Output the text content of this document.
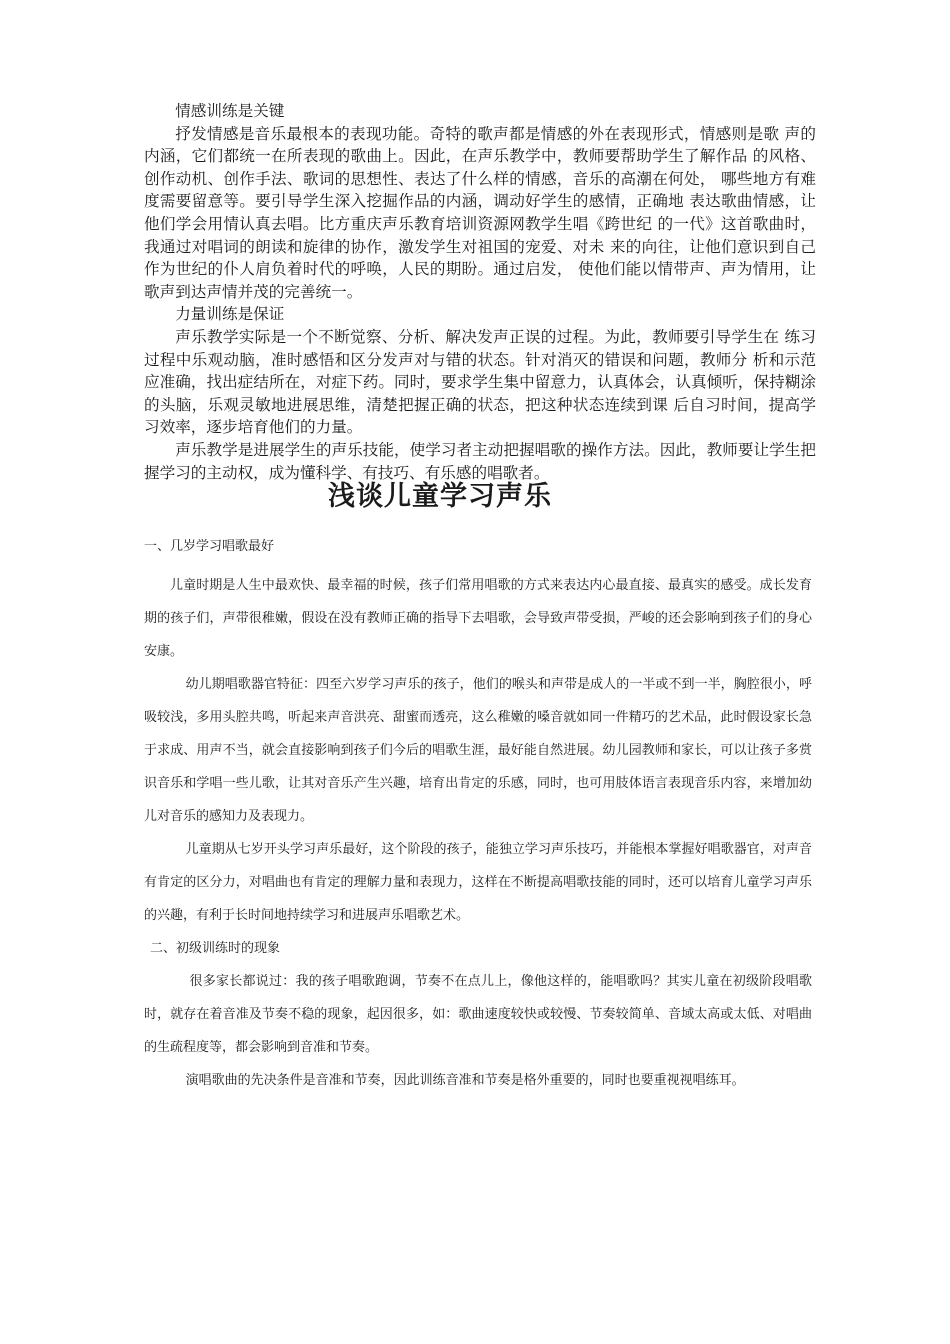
情感训练是关键

抒发情感是音乐最根本的表现功能。奇特的歌声都是情感的外在表现形式，情感则是歌 声的内涵，它们都统一在所表现的歌曲上。因此，在声乐教学中，教师要帮助学生了解作品 的风格、创作动机、创作手法、歌词的思想性、表达了什么样的情感，音乐的高潮在何处， 哪些地方有难度需要留意等。要引导学生深入挖掘作品的内涵，调动好学生的感情，正确地 表达歌曲情感，让他们学会用情认真去唱。比方重庆声乐教育培训资源网教学生唱《跨世纪 的一代》这首歌曲时，我通过对唱词的朗读和旋律的协作，激发学生对祖国的宠爱、对未 来的向往，让他们意识到自己作为世纪的仆人肩负着时代的呼唤，人民的期盼。通过启发， 使他们能以情带声、声为情用，让歌声到达声情并茂的完善统一。

力量训练是保证

声乐教学实际是一个不断觉察、分析、解决发声正误的过程。为此，教师要引导学生在 练习过程中乐观动脑，准时感悟和区分发声对与错的状态。针对消灭的错误和问题，教师分 析和示范应准确，找出症结所在，对症下药。同时，要求学生集中留意力，认真体会，认真倾听，保持糊涂的头脑，乐观灵敏地进展思维，清楚把握正确的状态，把这种状态连续到课 后自习时间，提高学习效率，逐步培育他们的力量。

声乐教学是进展学生的声乐技能，使学习者主动把握唱歌的操作方法。因此，教师要让学生把握学习的主动权，成为懂科学、有技巧、有乐感的唱歌者。

浅谈儿童学习声乐

一、几岁学习唱歌最好

儿童时期是人生中最欢快、最幸福的时候，孩子们常用唱歌的方式来表达内心最直接、最真实的感受。成长发育期的孩子们，声带很稚嫩，假设在没有教师正确的指导下去唱歌，会导致声带受损，严峻的还会影响到孩子们的身心安康。

幼儿期唱歌器官特征：四至六岁学习声乐的孩子，他们的喉头和声带是成人的一半或不到一半，胸腔很小，呼吸较浅，多用头腔共鸣，听起来声音洪亮、甜蜜而透亮，这么稚嫩的嗓音就如同一件精巧的艺术品，此时假设家长急于求成、用声不当，就会直接影响到孩子们今后的唱歌生涯，最好能自然进展。幼儿园教师和家长，可以让孩子多赏识音乐和学唱一些儿歌，让其对音乐产生兴趣，培育出肯定的乐感，同时，也可用肢体语言表现音乐内容，来增加幼儿对音乐的感知力及表现力。

儿童期从七岁开头学习声乐最好，这个阶段的孩子，能独立学习声乐技巧，并能根本掌握好唱歌器官，对声音有肯定的区分力，对唱曲也有肯定的理解力量和表现力，这样在不断提高唱歌技能的同时，还可以培育儿童学习声乐的兴趣，有利于长时间地持续学习和进展声乐唱歌艺术。

二、初级训练时的现象

很多家长都说过：我的孩子唱歌跑调，节奏不在点儿上，像他这样的，能唱歌吗？其实儿童在初级阶段唱歌时，就存在着音准及节奏不稳的现象，起因很多，如：歌曲速度较快或较慢、节奏较简单、音域太高或太低、对唱曲的生疏程度等，都会影响到音准和节奏。

演唱歌曲的先决条件是音准和节奏，因此训练音准和节奏是格外重要的，同时也要重视视唱练耳。
